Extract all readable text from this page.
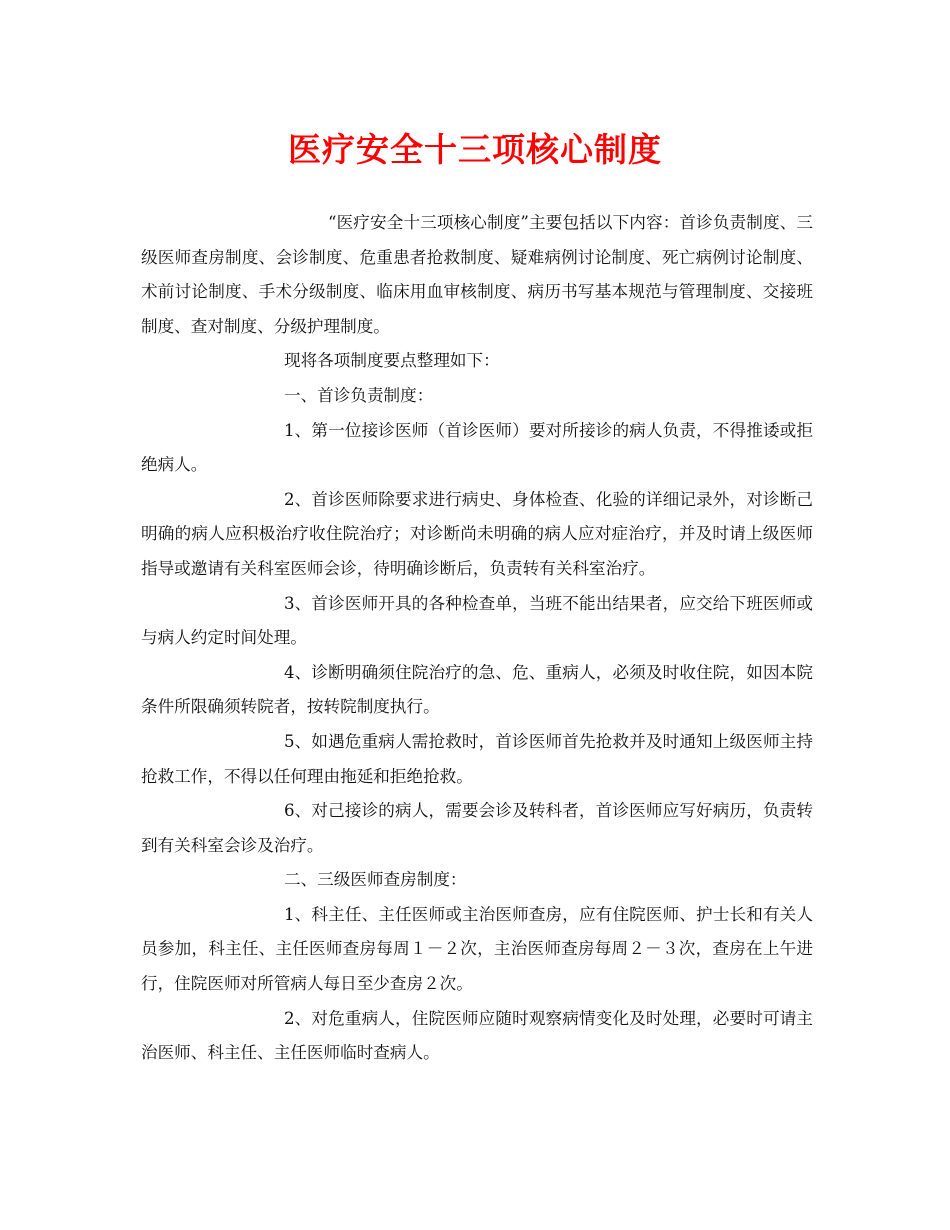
医疗安全十三项核心制度

“医疗安全十三项核心制度”主要包括以下内容：首诊负责制度、三级医师查房制度、会诊制度、危重患者抢救制度、疑难病例讨论制度、死亡病例讨论制度、术前讨论制度、手术分级制度、临床用血审核制度、病历书写基本规范与管理制度、交接班制度、查对制度、分级护理制度。

现将各项制度要点整理如下：

一、首诊负责制度：

1、第一位接诊医师（首诊医师）要对所接诊的病人负责，不得推诿或拒绝病人。

2、首诊医师除要求进行病史、身体检查、化验的详细记录外，对诊断己明确的病人应积极治疗收住院治疗；对诊断尚未明确的病人应对症治疗，并及时请上级医师指导或邀请有关科室医师会诊，待明确诊断后，负责转有关科室治疗。

3、首诊医师开具的各种检查单，当班不能出结果者，应交给下班医师或与病人约定时间处理。

4、诊断明确须住院治疗的急、危、重病人，必须及时收住院，如因本院条件所限确须转院者，按转院制度执行。

5、如遇危重病人需抢救时，首诊医师首先抢救并及时通知上级医师主持抢救工作，不得以任何理由拖延和拒绝抢救。

6、对己接诊的病人，需要会诊及转科者，首诊医师应写好病历，负责转到有关科室会诊及治疗。

二、三级医师查房制度：

1、科主任、主任医师或主治医师查房，应有住院医师、护士长和有关人员参加，科主任、主任医师查房每周１－２次，主治医师查房每周２－３次，查房在上午进行，住院医师对所管病人每日至少查房２次。

2、对危重病人，住院医师应随时观察病情变化及时处理，必要时可请主治医师、科主任、主任医师临时查病人。
